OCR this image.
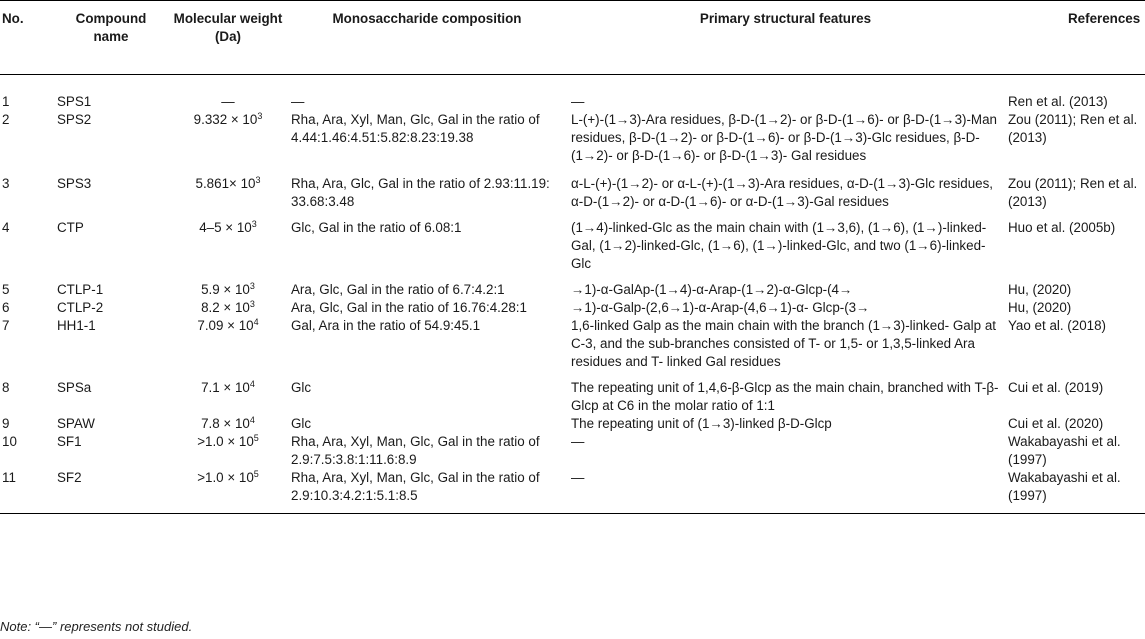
No.	Compound name	Molecular weight (Da)	Monosaccharide composition	Primary structural features	References
1	SPS1	—	—	—	Ren et al. (2013)
2	SPS2	$9.332 \times 10^3$	Rha, Ara, Xyl, Man, Glc, Gal in the ratio of 4.44:1.46:4.51:5.82:8.23:19.38	L-(+)-(1→3)-Ara residues, β-D-(1→2)- or β-D-(1→6)- or β-D-(1→3)-Man residues, β-D-(1→2)- or β-D-(1→6)- or β-D-(1→3)-Glc residues, β-D-(1→2)- or β-D-(1→6)- or β-D-(1→3)- Gal residues	Zou (2011); Ren et al. (2013)
3	SPS3	$5.861\times 10^3$	Rha, Ara, Glc, Gal in the ratio of 2.93:11.19: 33.68:3.48	α-L-(+)-(1→2)- or α-L-(+)-(1→3)-Ara residues, α-D-(1→3)-Glc residues, α-D-(1→2)- or α-D-(1→6)- or α-D-(1→3)-Gal residues	Zou (2011); Ren et al. (2013)
4	CTP	$4-5 \times 10^3$	Glc, Gal in the ratio of 6.08:1	(1→4)-linked-Glc as the main chain with (1→3,6), (1→6), (1→)-linked-Gal, (1→2)-linked-Glc, (1→6), (1→)-linked-Glc, and two (1→6)-linked-Glc	Huo et al. (2005b)
5	CTLP-1	$5.9 \times 10^3$	Ara, Glc, Gal in the ratio of 6.7:4.2:1	→1)-α-GalAp-(1→4)-α-Arap-(1→2)-α-Glcp-(4→	Hu, (2020)
6	CTLP-2	$8.2 \times 10^3$	Ara, Glc, Gal in the ratio of 16.76:4.28:1	→1)-α-Galp-(2,6→1)-α-Arap-(4,6→1)-α- Glcp-(3→	Hu, (2020)
7	HH1-1	$7.09 \times 10^4$	Gal, Ara in the ratio of 54.9:45.1	1,6-linked Galp as the main chain with the branch (1→3)-linked- Galp at C-3, and the sub-branches consisted of T- or 1,5- or 1,3,5-linked Ara residues and T- linked Gal residues	Yao et al. (2018)
8	SPSa	$7.1 \times 10^4$	Glc	The repeating unit of 1,4,6-β-Glcp as the main chain, branched with T-β-Glcp at C6 in the molar ratio of 1:1	Cui et al. (2019)
9	SPAW	$7.8 \times 10^4$	Glc	The repeating unit of (1→3)-linked β-D-Glcp	Cui et al. (2020)
10	SF1	$>1.0 \times 10^5$	Rha, Ara, Xyl, Man, Glc, Gal in the ratio of 2.9:7.5:3.8:1:11.6:8.9	—	Wakabayashi et al. (1997)
11	SF2	$>1.0 \times 10^5$	Rha, Ara, Xyl, Man, Glc, Gal in the ratio of 2.9:10.3:4.2:1:5.1:8.5	—	Wakabayashi et al. (1997)
Note: “—” represents not studied.
